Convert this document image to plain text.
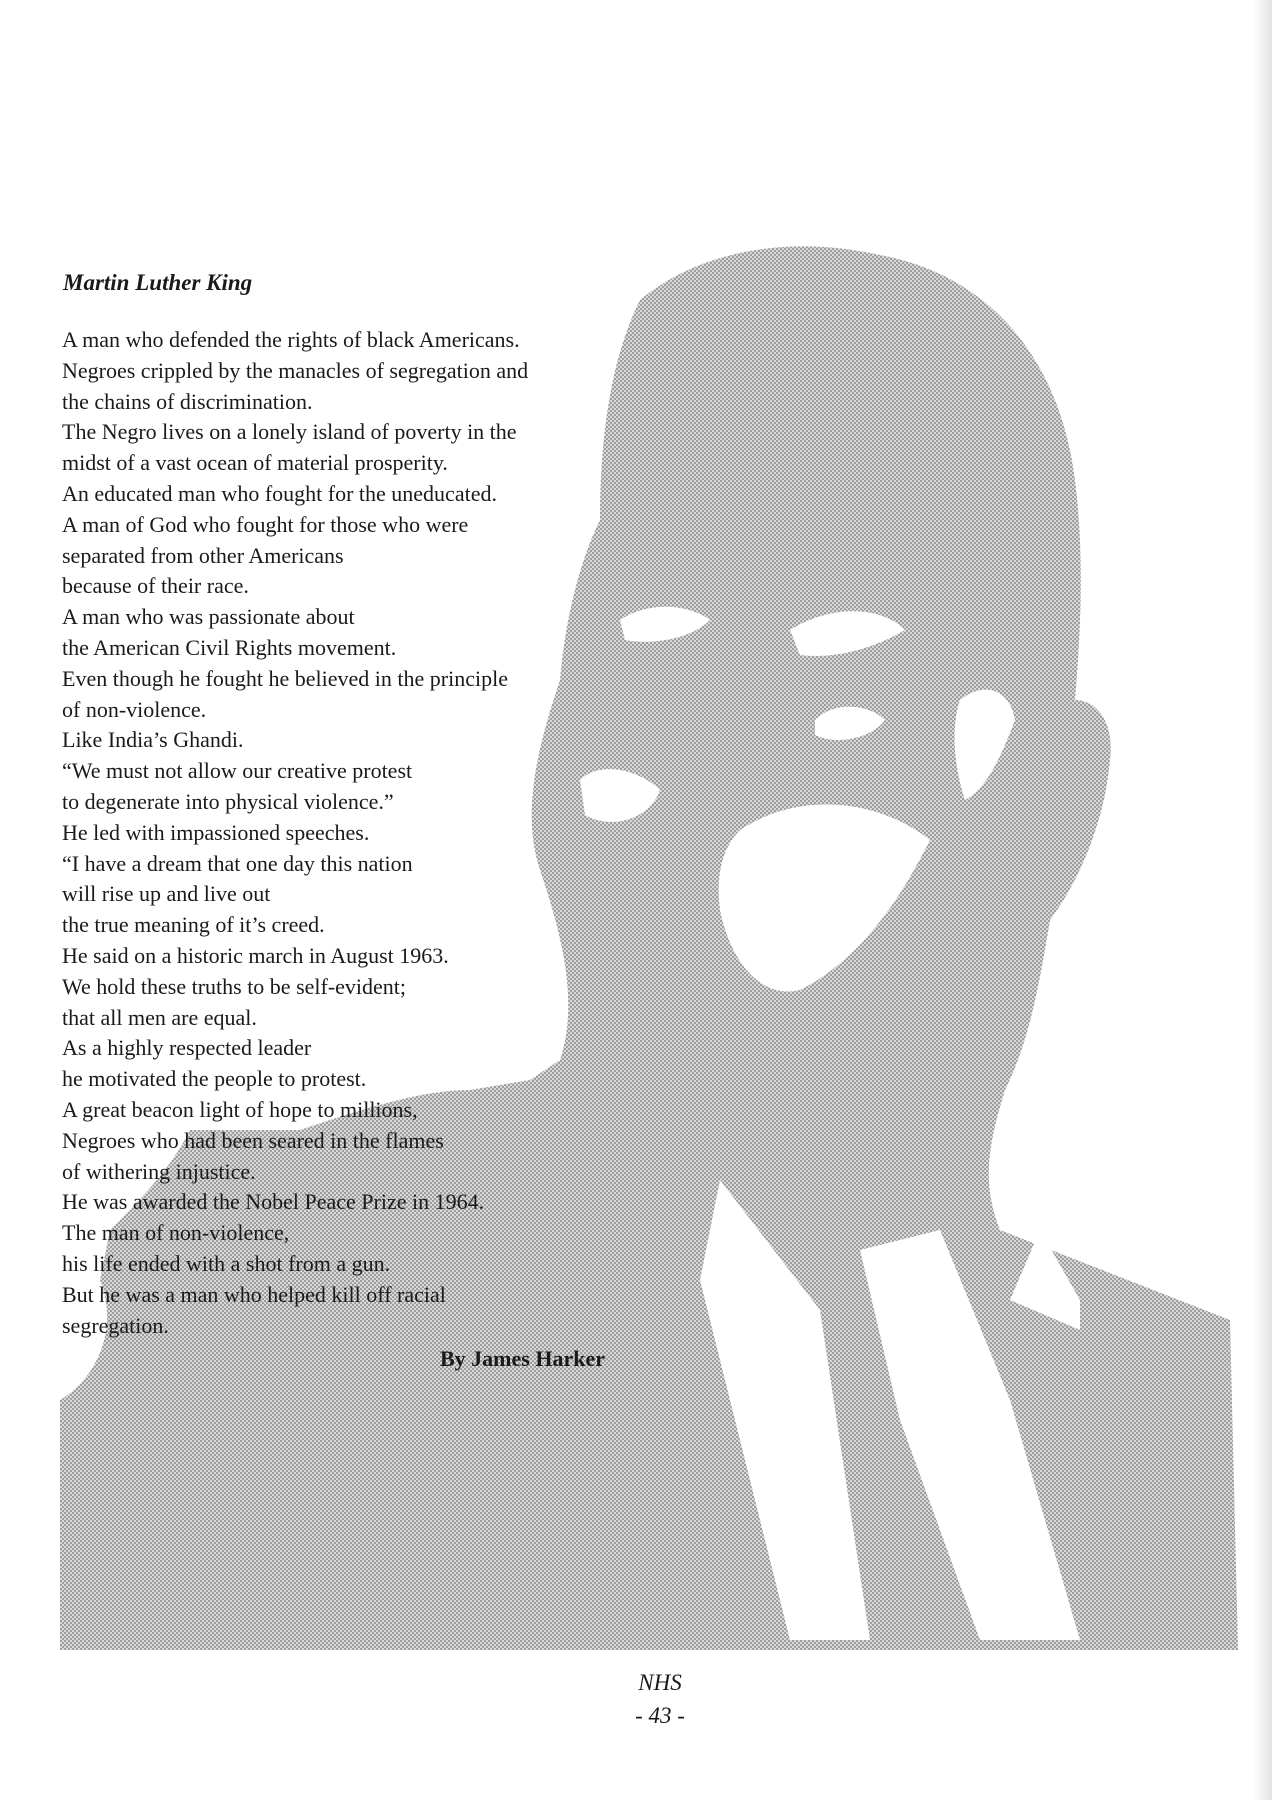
Martin Luther King
A man who defended the rights of black Americans.
Negroes crippled by the manacles of segregation and
the chains of discrimination.
The Negro lives on a lonely island of poverty in the
midst of a vast ocean of material prosperity.
An educated man who fought for the uneducated.
A man of God who fought for those who were
separated from other Americans
because of their race.
A man who was passionate about
the American Civil Rights movement.
Even though he fought he believed in the principle
of non-violence.
Like India’s Ghandi.
“We must not allow our creative protest
to degenerate into physical violence.”
He led with impassioned speeches.
“I have a dream that one day this nation
will rise up and live out
the true meaning of it’s creed.
He said on a historic march in August 1963.
We hold these truths to be self-evident;
that all men are equal.
As a highly respected leader
he motivated the people to protest.
A great beacon light of hope to millions,
Negroes who had been seared in the flames
of withering injustice.
He was awarded the Nobel Peace Prize in 1964.
The man of non-violence,
his life ended with a shot from a gun.
But he was a man who helped kill off racial
segregation.
By James Harker
NHS
- 43 -
